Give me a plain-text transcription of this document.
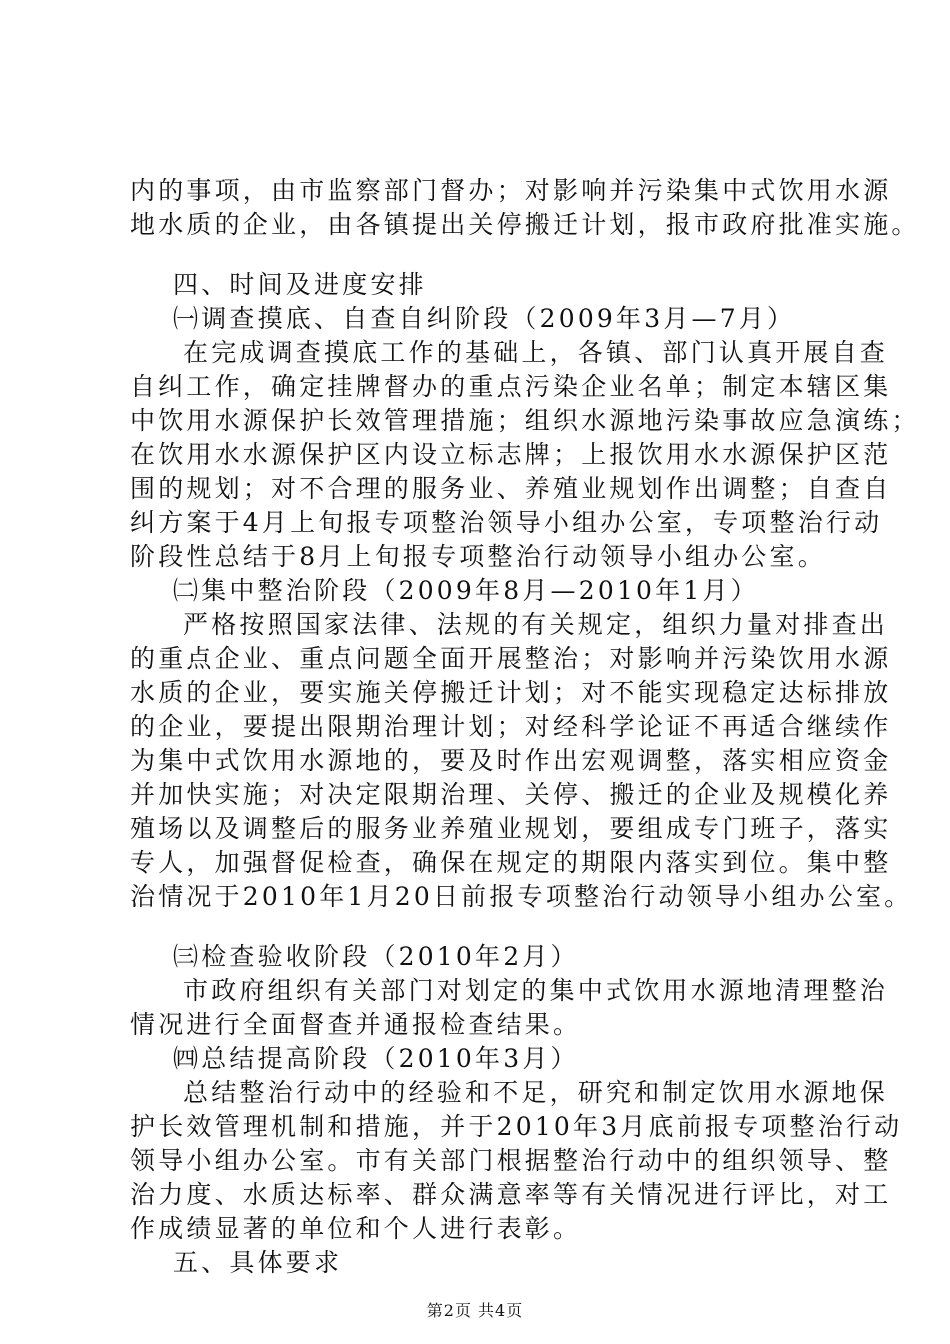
内的事项，由市监察部门督办；对影响并污染集中式饮用水源
地水质的企业，由各镇提出关停搬迁计划，报市政府批准实施。
四、时间及进度安排
㈠调查摸底、自查自纠阶段（2009年3月—7月）
在完成调查摸底工作的基础上，各镇、部门认真开展自查
自纠工作，确定挂牌督办的重点污染企业名单；制定本辖区集
中饮用水源保护长效管理措施；组织水源地污染事故应急演练；
在饮用水水源保护区内设立标志牌；上报饮用水水源保护区范
围的规划；对不合理的服务业、养殖业规划作出调整；自查自
纠方案于4月上旬报专项整治领导小组办公室，专项整治行动
阶段性总结于8月上旬报专项整治行动领导小组办公室。
㈡集中整治阶段（2009年8月—2010年1月）
严格按照国家法律、法规的有关规定，组织力量对排查出
的重点企业、重点问题全面开展整治；对影响并污染饮用水源
水质的企业，要实施关停搬迁计划；对不能实现稳定达标排放
的企业，要提出限期治理计划；对经科学论证不再适合继续作
为集中式饮用水源地的，要及时作出宏观调整，落实相应资金
并加快实施；对决定限期治理、关停、搬迁的企业及规模化养
殖场以及调整后的服务业养殖业规划，要组成专门班子，落实
专人，加强督促检查，确保在规定的期限内落实到位。集中整
治情况于2010年1月20日前报专项整治行动领导小组办公室。
㈢检查验收阶段（2010年2月）
市政府组织有关部门对划定的集中式饮用水源地清理整治
情况进行全面督查并通报检查结果。
㈣总结提高阶段（2010年3月）
总结整治行动中的经验和不足，研究和制定饮用水源地保
护长效管理机制和措施，并于2010年3月底前报专项整治行动
领导小组办公室。市有关部门根据整治行动中的组织领导、整
治力度、水质达标率、群众满意率等有关情况进行评比，对工
作成绩显著的单位和个人进行表彰。
五、具体要求
第2页 共4页
